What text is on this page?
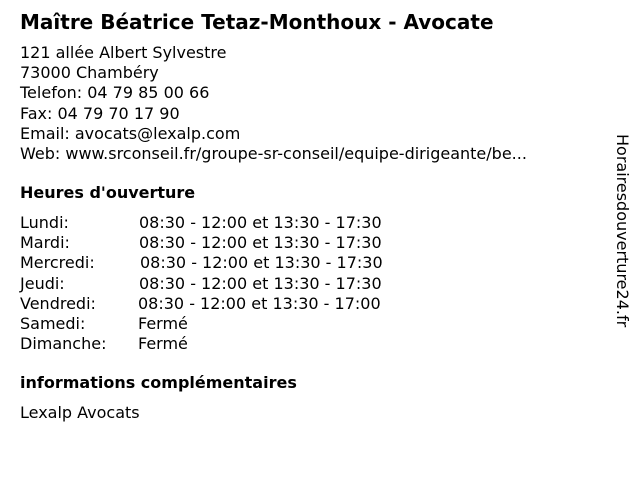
Maître Béatrice Tetaz-Monthoux - Avocate
121 allée Albert Sylvestre
73000 Chambéry
Telefon: 04 79 85 00 66
Fax: 04 79 70 17 90
Email: avocats@lexalp.com
Web: www.srconseil.fr/groupe-sr-conseil/equipe-dirigeante/be...
Heures d'ouverture
Lundi:	08:30 - 12:00 et 13:30 - 17:30
Mardi:	08:30 - 12:00 et 13:30 - 17:30
Mercredi:	08:30 - 12:00 et 13:30 - 17:30
Jeudi:	08:30 - 12:00 et 13:30 - 17:30
Vendredi:	08:30 - 12:00 et 13:30 - 17:00
Samedi:	Fermé
Dimanche: Fermé
informations complémentaires
Lexalp Avocats
Horairesdouverture24.fr
